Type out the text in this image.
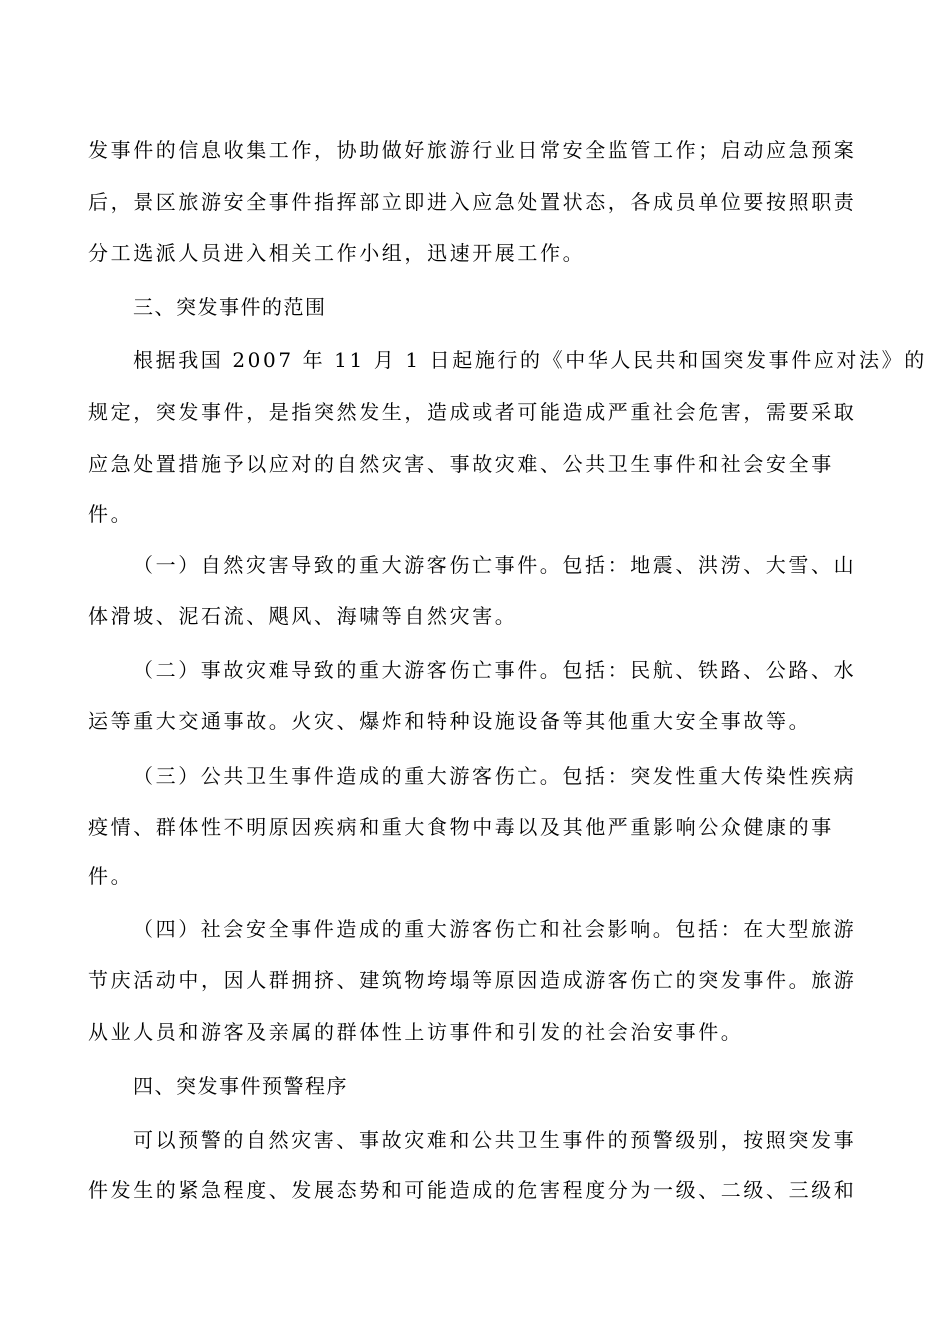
发事件的信息收集工作，协助做好旅游行业日常安全监管工作；启动应急预案
后，景区旅游安全事件指挥部立即进入应急处置状态，各成员单位要按照职责
分工选派人员进入相关工作小组，迅速开展工作。
三、突发事件的范围
根据我国 2007 年 11 月 1 日起施行的《中华人民共和国突发事件应对法》的
规定，突发事件，是指突然发生，造成或者可能造成严重社会危害，需要采取
应急处置措施予以应对的自然灾害、事故灾难、公共卫生事件和社会安全事
件。
（一）自然灾害导致的重大游客伤亡事件。包括：地震、洪涝、大雪、山
体滑坡、泥石流、飓风、海啸等自然灾害。
（二）事故灾难导致的重大游客伤亡事件。包括：民航、铁路、公路、水
运等重大交通事故。火灾、爆炸和特种设施设备等其他重大安全事故等。
（三）公共卫生事件造成的重大游客伤亡。包括：突发性重大传染性疾病
疫情、群体性不明原因疾病和重大食物中毒以及其他严重影响公众健康的事
件。
（四）社会安全事件造成的重大游客伤亡和社会影响。包括：在大型旅游
节庆活动中，因人群拥挤、建筑物垮塌等原因造成游客伤亡的突发事件。旅游
从业人员和游客及亲属的群体性上访事件和引发的社会治安事件。
四、突发事件预警程序
可以预警的自然灾害、事故灾难和公共卫生事件的预警级别，按照突发事
件发生的紧急程度、发展态势和可能造成的危害程度分为一级、二级、三级和
